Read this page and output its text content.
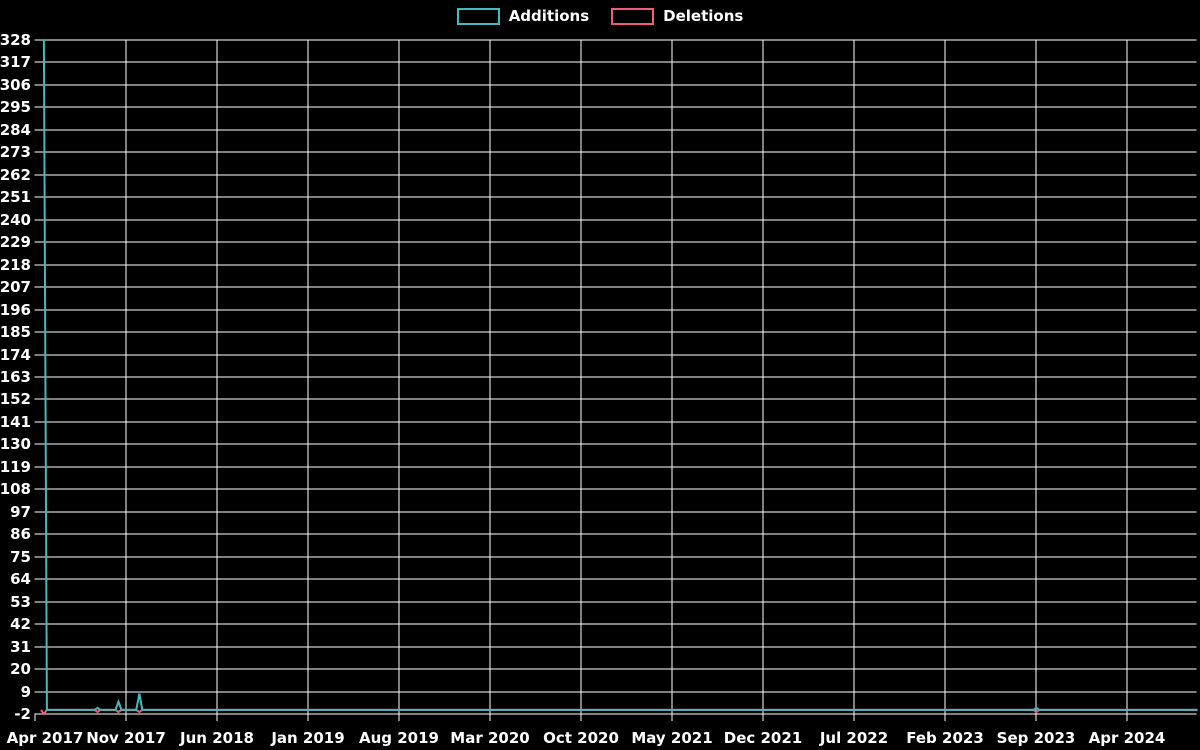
Additions	Deletions
328
317
306
295
284
273
262
251
240
229
218
207
196
185
174
163
152
141
130
119
108
97
86
75
64
53
42
31
20
9
-2
Apr 2017 Nov 2017 Jun 2018 Jan 2019 Aug 2019 Mar 2020 Oct 2020 May 2021 Dec 2021 Jul 2022 Feb 2023 Sep 2023 Apr 2024
